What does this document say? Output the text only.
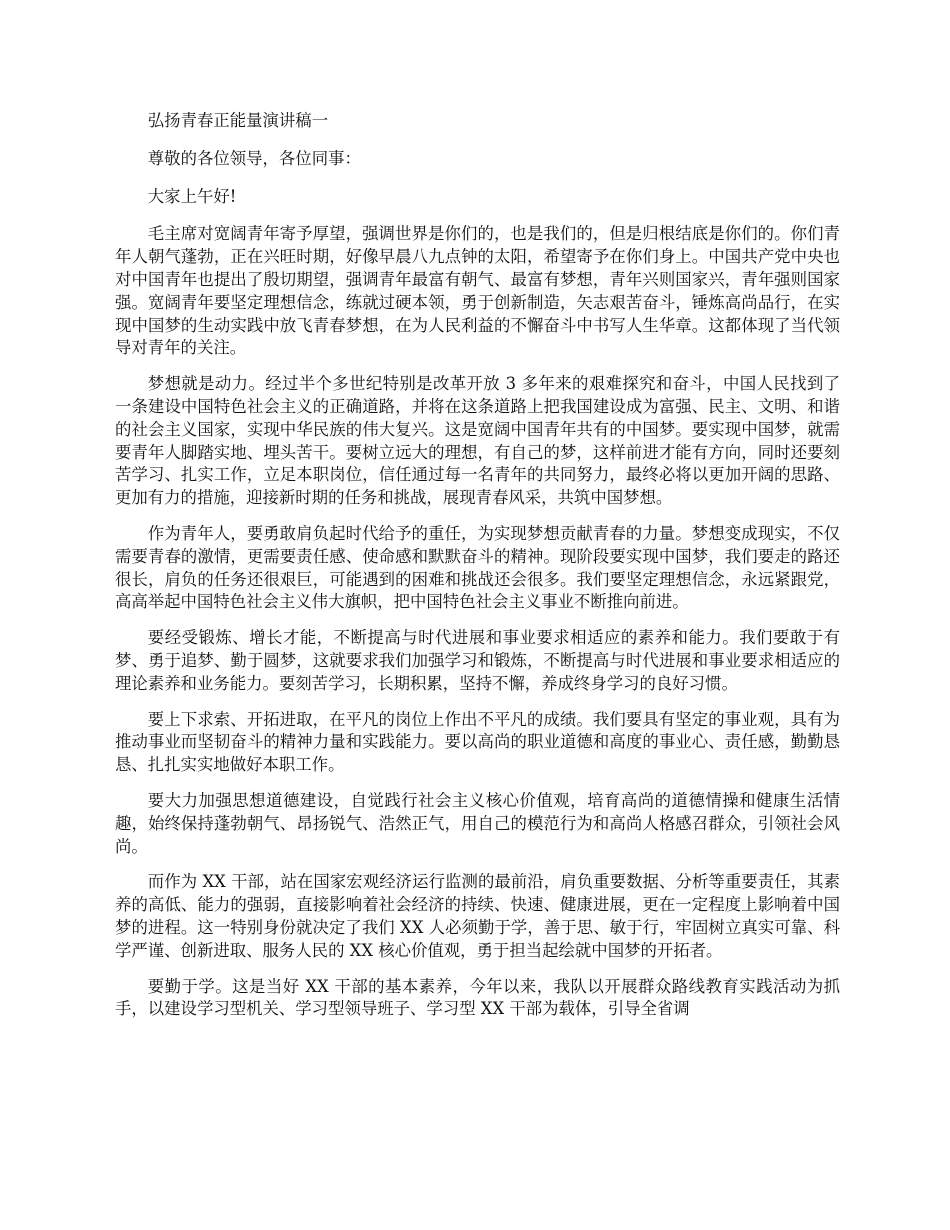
弘扬青春正能量演讲稿一

尊敬的各位领导，各位同事：

大家上午好!

毛主席对宽阔青年寄予厚望，强调世界是你们的，也是我们的，但是归根结底是你们的。你们青年人朝气蓬勃，正在兴旺时期，好像早晨八九点钟的太阳，希望寄予在你们身上。中国共产党中央也对中国青年也提出了殷切期望，强调青年最富有朝气、最富有梦想，青年兴则国家兴，青年强则国家强。宽阔青年要坚定理想信念，练就过硬本领，勇于创新制造，矢志艰苦奋斗，锤炼高尚品行，在实现中国梦的生动实践中放飞青春梦想，在为人民利益的不懈奋斗中书写人生华章。这都体现了当代领导对青年的关注。

梦想就是动力。经过半个多世纪特别是改革开放 3 多年来的艰难探究和奋斗，中国人民找到了一条建设中国特色社会主义的正确道路，并将在这条道路上把我国建设成为富强、民主、文明、和谐的社会主义国家，实现中华民族的伟大复兴。这是宽阔中国青年共有的中国梦。要实现中国梦，就需要青年人脚踏实地、埋头苦干。要树立远大的理想，有自己的梦，这样前进才能有方向，同时还要刻苦学习、扎实工作，立足本职岗位，信任通过每一名青年的共同努力，最终必将以更加开阔的思路、更加有力的措施，迎接新时期的任务和挑战，展现青春风采，共筑中国梦想。

作为青年人，要勇敢肩负起时代给予的重任，为实现梦想贡献青春的力量。梦想变成现实，不仅需要青春的激情，更需要责任感、使命感和默默奋斗的精神。现阶段要实现中国梦，我们要走的路还很长，肩负的任务还很艰巨，可能遇到的困难和挑战还会很多。我们要坚定理想信念，永远紧跟党，高高举起中国特色社会主义伟大旗帜，把中国特色社会主义事业不断推向前进。

要经受锻炼、增长才能，不断提高与时代进展和事业要求相适应的素养和能力。我们要敢于有梦、勇于追梦、勤于圆梦，这就要求我们加强学习和锻炼，不断提高与时代进展和事业要求相适应的理论素养和业务能力。要刻苦学习，长期积累，坚持不懈，养成终身学习的良好习惯。

要上下求索、开拓进取，在平凡的岗位上作出不平凡的成绩。我们要具有坚定的事业观，具有为推动事业而坚韧奋斗的精神力量和实践能力。要以高尚的职业道德和高度的事业心、责任感，勤勤恳恳、扎扎实实地做好本职工作。

要大力加强思想道德建设，自觉践行社会主义核心价值观，培育高尚的道德情操和健康生活情趣，始终保持蓬勃朝气、昂扬锐气、浩然正气，用自己的模范行为和高尚人格感召群众，引领社会风尚。

而作为 XX 干部，站在国家宏观经济运行监测的最前沿，肩负重要数据、分析等重要责任，其素养的高低、能力的强弱，直接影响着社会经济的持续、快速、健康进展，更在一定程度上影响着中国梦的进程。这一特别身份就决定了我们 XX 人必须勤于学，善于思、敏于行，牢固树立真实可靠、科学严谨、创新进取、服务人民的 XX 核心价值观，勇于担当起绘就中国梦的开拓者。

要勤于学。这是当好 XX 干部的基本素养，今年以来，我队以开展群众路线教育实践活动为抓手，以建设学习型机关、学习型领导班子、学习型 XX 干部为载体，引导全省调
